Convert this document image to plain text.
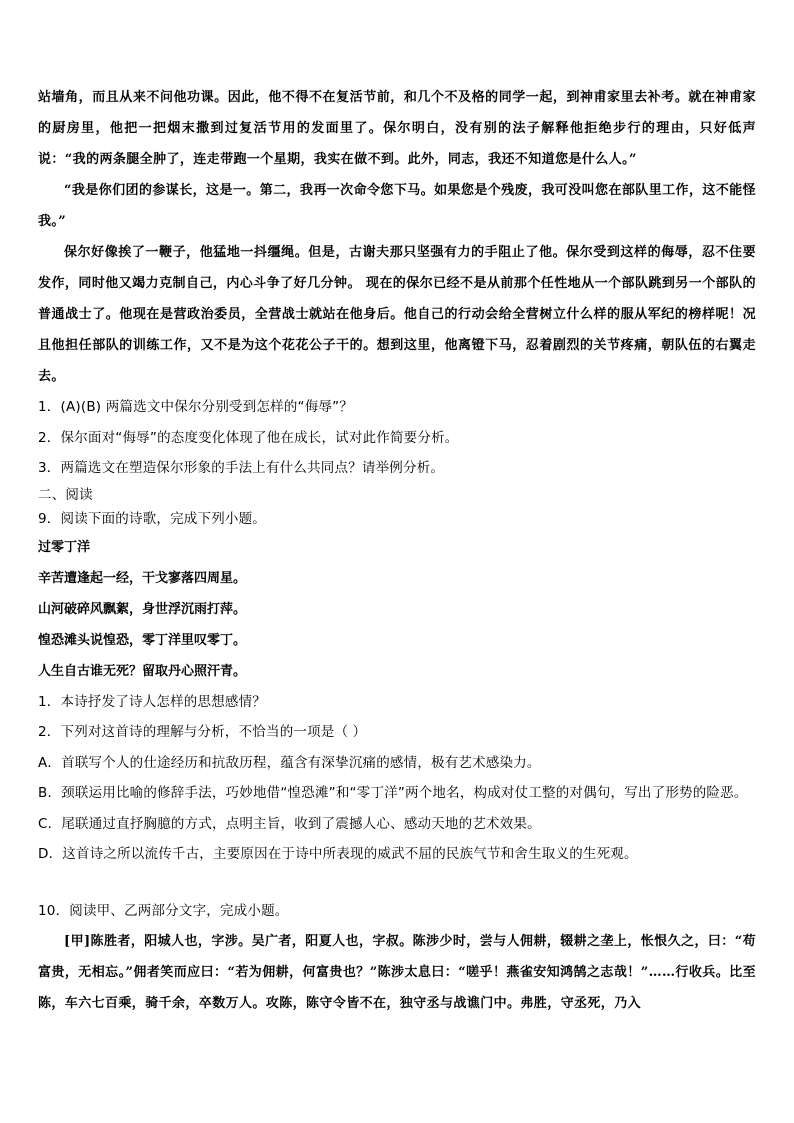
站墙角，而且从来不问他功课。因此，他不得不在复活节前，和几个不及格的同学一起，到神甫家里去补考。就在神甫家的厨房里，他把一把烟末撒到过复活节用的发面里了。保尔明白，没有别的法子解释他拒绝步行的理由，只好低声说：“我的两条腿全肿了，连走带跑一个星期，我实在做不到。此外，同志，我还不知道您是什么人。”

“我是你们团的参谋长，这是一。第二，我再一次命令您下马。如果您是个残废，我可没叫您在部队里工作，这不能怪我。”

保尔好像挨了一鞭子，他猛地一抖缰绳。但是，古谢夫那只坚强有力的手阻止了他。保尔受到这样的侮辱，忍不住要发作，同时他又竭力克制自己，内心斗争了好几分钟。 现在的保尔已经不是从前那个任性地从一个部队跳到另一个部队的普通战士了。他现在是营政治委员，全营战士就站在他身后。他自己的行动会给全营树立什么样的服从军纪的榜样呢！况且他担任部队的训练工作，又不是为这个花花公子干的。想到这里，他离镫下马，忍着剧烈的关节疼痛，朝队伍的右翼走去。

1．(A)(B) 两篇选文中保尔分别受到怎样的“侮辱”？

2．保尔面对“侮辱”的态度变化体现了他在成长，试对此作简要分析。

3．两篇选文在塑造保尔形象的手法上有什么共同点？请举例分析。

二、阅读

9．阅读下面的诗歌，完成下列小题。

过零丁洋

辛苦遭逢起一经，干戈寥落四周星。

山河破碎风飘絮，身世浮沉雨打萍。

惶恐滩头说惶恐，零丁洋里叹零丁。

人生自古谁无死？留取丹心照汗青。

1．本诗抒发了诗人怎样的思想感情？

2．下列对这首诗的理解与分析，不恰当的一项是（ ）

A．首联写个人的仕途经历和抗敌历程，蕴含有深挚沉痛的感情，极有艺术感染力。

B．颈联运用比喻的修辞手法，巧妙地借“惶恐滩”和“零丁洋”两个地名，构成对仗工整的对偶句，写出了形势的险恶。

C．尾联通过直抒胸臆的方式，点明主旨，收到了震撼人心、感动天地的艺术效果。

D．这首诗之所以流传千古，主要原因在于诗中所表现的威武不屈的民族气节和舍生取义的生死观。

10．阅读甲、乙两部分文字，完成小题。

[甲]陈胜者，阳城人也，字涉。吴广者，阳夏人也，字叔。陈涉少时，尝与人佣耕，辍耕之垄上，怅恨久之，曰：“苟富贵，无相忘。”佣者笑而应曰：“若为佣耕，何富贵也？”陈涉太息曰：“嗟乎！燕雀安知鸿鹄之志哉！”……行收兵。比至陈，车六七百乘，骑千余，卒数万人。攻陈，陈守令皆不在，独守丞与战谯门中。弗胜，守丞死，乃入
